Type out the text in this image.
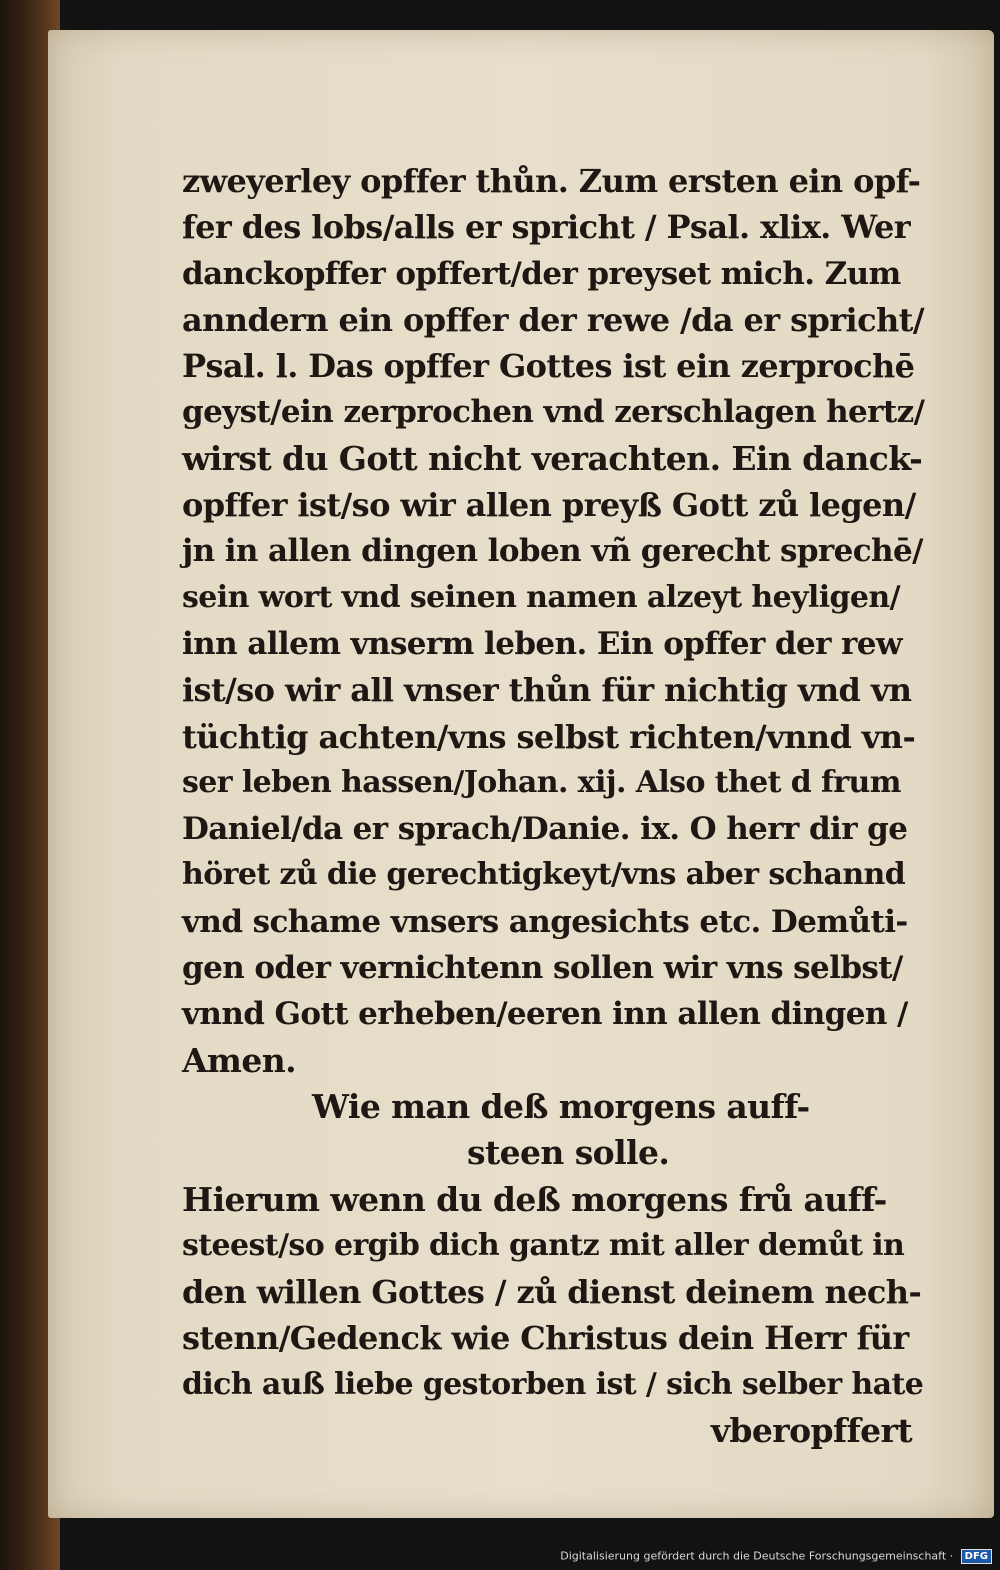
zweyerley opffer thůn. Zum ersten ein opf-
fer des lobs/alls er spricht / Psal. xlix. Wer
danckopffer opffert/der preyset mich. Zum
anndern ein opffer der rewe /da er spricht/
Psal. l. Das opffer Gottes ist ein zerprochē
geyst/ein zerprochen vnd zerschlagen hertz/
wirst du Gott nicht verachten. Ein danck-
opffer ist/so wir allen preyß Gott zů legen/
jn in allen dingen loben vñ gerecht sprechē/
sein wort vnd seinen namen alzeyt heyligen/
inn allem vnserm leben. Ein opffer der rew
ist/so wir all vnser thůn für nichtig vnd vn
tüchtig achten/vns selbst richten/vnnd vn-
ser leben hassen/Johan. xij. Also thet d frum
Daniel/da er sprach/Danie. ix. O herr dir ge
höret zů die gerechtigkeyt/vns aber schannd
vnd schame vnsers angesichts etc. Demůti-
gen oder vernichtenn sollen wir vns selbst/
vnnd Gott erheben/eeren inn allen dingen /
Amen.
Wie man deß morgens auff-
steen solle.
Hierum wenn du deß morgens frů auff-
steest/so ergib dich gantz mit aller demůt in
den willen Gottes / zů dienst deinem nech-
stenn/Gedenck wie Christus dein Herr für
dich auß liebe gestorben ist / sich selber hate
vberopffert
Digitalisierung gefördert durch die Deutsche Forschungsgemeinschaft · DFG
